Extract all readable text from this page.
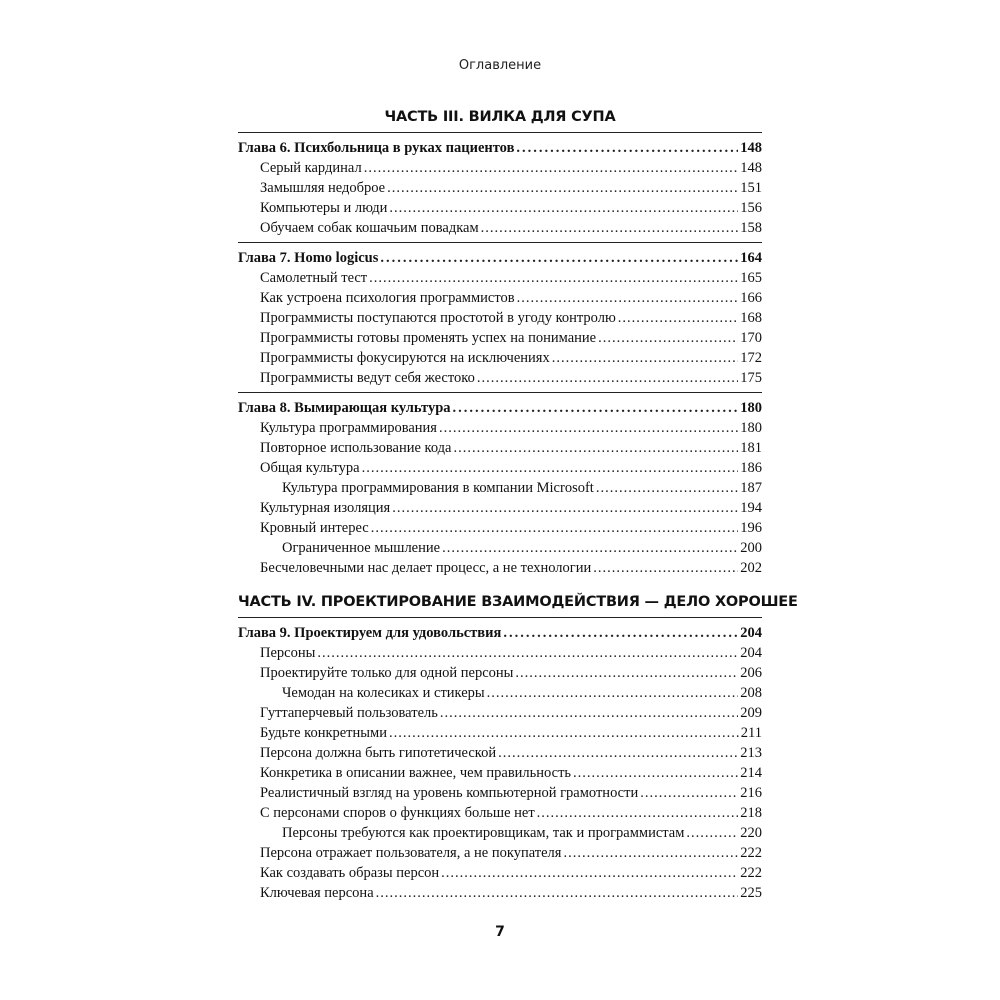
Оглавление
ЧАСТЬ III. ВИЛКА ДЛЯ СУПА
Глава 6. Психбольница в руках пациентов .....	148
Серый кардинал .....	148
Замышляя недоброе .....	151
Компьютеры и люди .....	156
Обучаем собак кошачьим повадкам .....	158
Глава 7. Homo logicus .....	164
Самолетный тест .....	165
Как устроена психология программистов .....	166
Программисты поступаются простотой в угоду контролю .....	168
Программисты готовы променять успех на понимание .....	170
Программисты фокусируются на исключениях .....	172
Программисты ведут себя жестоко .....	175
Глава 8. Вымирающая культура .....	180
Культура программирования .....	180
Повторное использование кода .....	181
Общая культура .....	186
Культура программирования в компании Microsoft .....	187
Культурная изоляция .....	194
Кровный интерес .....	196
Ограниченное мышление .....	200
Бесчеловечными нас делает процесс, а не технологии .....	202
ЧАСТЬ IV. ПРОЕКТИРОВАНИЕ ВЗАИМОДЕЙСТВИЯ — ДЕЛО ХОРОШЕЕ
Глава 9. Проектируем для удовольствия .....	204
Персоны .....	204
Проектируйте только для одной персоны .....	206
Чемодан на колесиках и стикеры .....	208
Гуттаперчевый пользователь .....	209
Будьте конкретными .....	211
Персона должна быть гипотетической .....	213
Конкретика в описании важнее, чем правильность .....	214
Реалистичный взгляд на уровень компьютерной грамотности .....	216
С персонами споров о функциях больше нет .....	218
Персоны требуются как проектировщикам, так и программистам .....	220
Персона отражает пользователя, а не покупателя .....	222
Как создавать образы персон .....	222
Ключевая персона .....	225
7
